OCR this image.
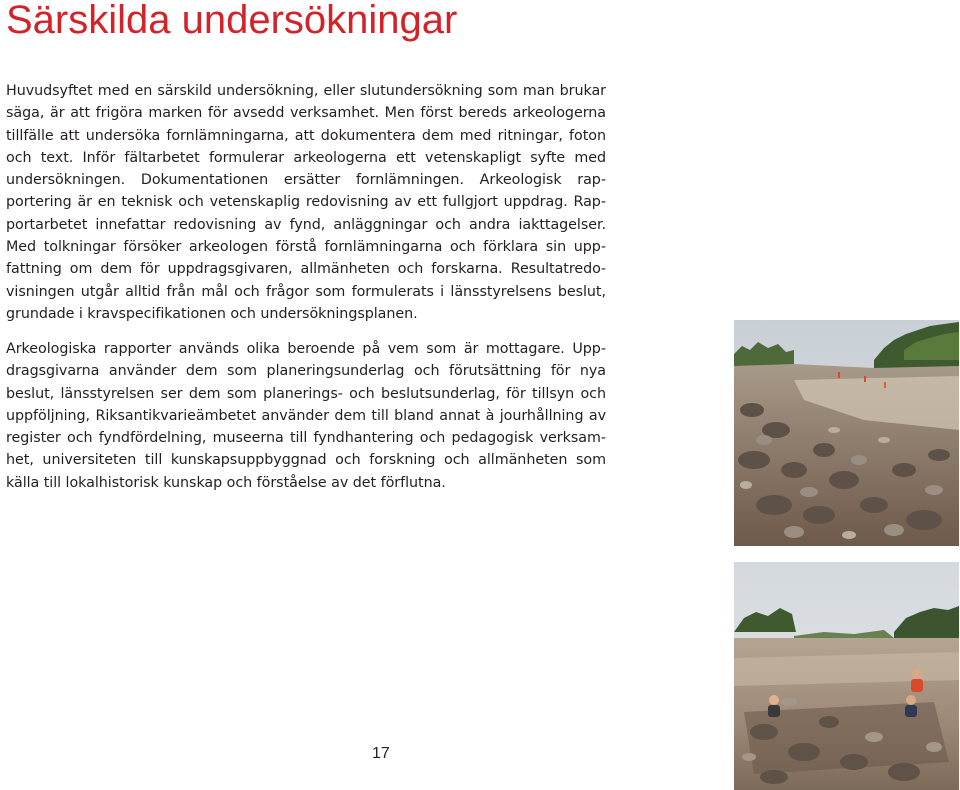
Särskilda undersökningar

Huvudsyftet med en särskild undersökning, eller slutundersökning som man brukar säga, är att frigöra marken för avsedd verksamhet. Men först bereds arkeologerna tillfälle att undersöka fornlämningarna, att dokumentera dem med ritningar, foton och text. Inför fältarbetet formulerar arkeologerna ett vetenskapligt syfte med undersökningen. Dokumentationen ersätter fornlämningen. Arkeologisk rapportering är en teknisk och vetenskaplig redovisning av ett fullgjort uppdrag. Rapportarbetet innefattar redovisning av fynd, anläggningar och andra iakttagelser. Med tolkningar försöker arkeologen förstå fornlämningarna och förklara sin uppfattning om dem för uppdragsgivaren, allmänheten och forskarna. Resultatredovisningen utgår alltid från mål och frågor som formulerats i länsstyrelsens beslut, grundade i kravspecifikationen och undersökningsplanen.

Arkeologiska rapporter används olika beroende på vem som är mottagare. Uppdragsgivarna använder dem som planeringsunderlag och förutsättning för nya beslut, länsstyrelsen ser dem som planerings- och beslutsunderlag, för tillsyn och uppföljning, Riksantikvarieämbetet använder dem till bland annat à jourhållning av register och fyndfördelning, museerna till fyndhantering och pedagogisk verksamhet, universiteten till kunskapsuppbyggnad och forskning och allmänheten som källa till lokalhistorisk kunskap och förståelse av det förflutna.

17
